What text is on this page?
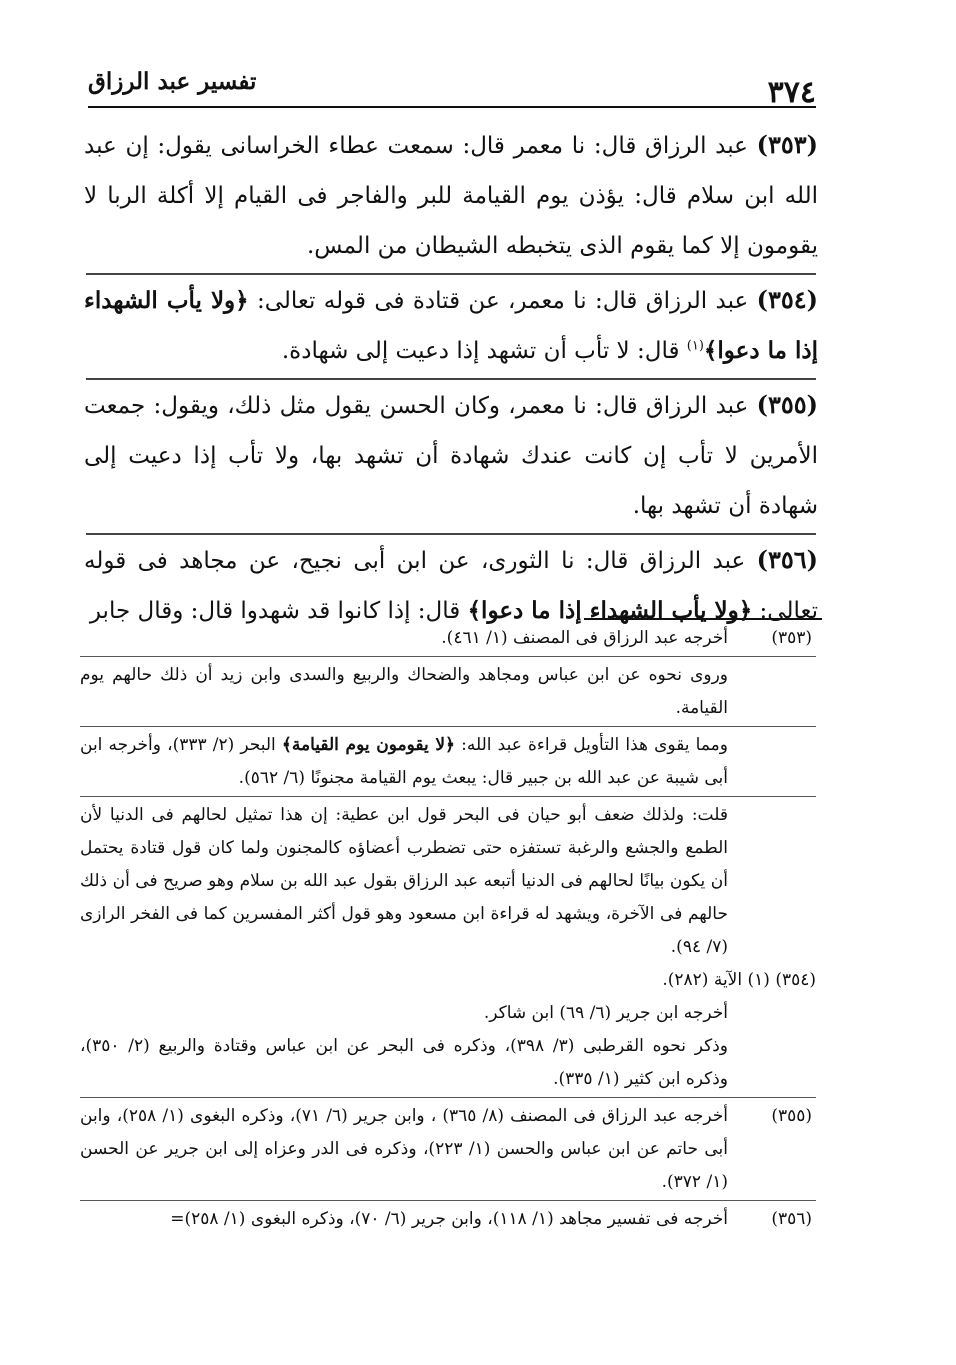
٣٧٤
تفسير عبد الرزاق
(٣٥٣) عبد الرزاق قال: نا معمر قال: سمعت عطاء الخراسانى يقول: إن عبد الله ابن سلام قال: يؤذن يوم القيامة للبر والفاجر فى القيام إلا أكلة الربا لا يقومون إلا كما يقوم الذى يتخبطه الشيطان من المس.
(٣٥٤) عبد الرزاق قال: نا معمر، عن قتادة فى قوله تعالى: ﴿ولا يأب الشهداء إذا ما دعوا﴾$^{(١)}$ قال: لا تأب أن تشهد إذا دعيت إلى شهادة.
(٣٥٥) عبد الرزاق قال: نا معمر، وكان الحسن يقول مثل ذلك، ويقول: جمعت الأمرين لا تأب إن كانت عندك شهادة أن تشهد بها، ولا تأب إذا دعيت إلى شهادة أن تشهد بها.
(٣٥٦) عبد الرزاق قال: نا الثورى، عن ابن أبى نجيح، عن مجاهد فى قوله تعالى: ﴿ولا يأب الشهداء إذا ما دعوا﴾ قال: إذا كانوا قد شهدوا قال: وقال جابر
(٣٥٣)

أخرجه عبد الرزاق فى المصنف (١/ ٤٦١).

وروى نحوه عن ابن عباس ومجاهد والضحاك والربيع والسدى وابن زيد أن ذلك حالهم يوم القيامة.

ومما يقوى هذا التأويل قراءة عبد الله: ﴿لا يقومون يوم القيامة﴾ البحر (٢/ ٣٣٣)، وأخرجه ابن أبى شيبة عن عبد الله بن جبير قال: يبعث يوم القيامة مجنونًا (٦/ ٥٦٢).

قلت: ولذلك ضعف أبو حيان فى البحر قول ابن عطية: إن هذا تمثيل لحالهم فى الدنيا لأن الطمع والجشع والرغبة تستفزه حتى تضطرب أعضاؤه كالمجنون ولما كان قول قتادة يحتمل أن يكون بيانًا لحالهم فى الدنيا أتبعه عبد الرزاق بقول عبد الله بن سلام وهو صريح فى أن ذلك حالهم فى الآخرة، ويشهد له قراءة ابن مسعود وهو قول أكثر المفسرين كما فى الفخر الرازى (٧/ ٩٤).

(٣٥٤) (١) الآية (٢٨٢).

أخرجه ابن جرير (٦/ ٦٩) ابن شاكر.

وذكر نحوه القرطبى (٣/ ٣٩٨)، وذكره فى البحر عن ابن عباس وقتادة والربيع (٢/ ٣٥٠)، وذكره ابن كثير (١/ ٣٣٥).

(٣٥٥)

أخرجه عبد الرزاق فى المصنف (٨/ ٣٦٥) ، وابن جرير (٦/ ٧١)، وذكره البغوى (١/ ٢٥٨)، وابن أبى حاتم عن ابن عباس والحسن (١/ ٢٢٣)، وذكره فى الدر وعزاه إلى ابن جرير عن الحسن (١/ ٣٧٢).

(٣٥٦)

أخرجه فى تفسير مجاهد (١/ ١١٨)، وابن جرير (٦/ ٧٠)، وذكره البغوى (١/ ٢٥٨)=
